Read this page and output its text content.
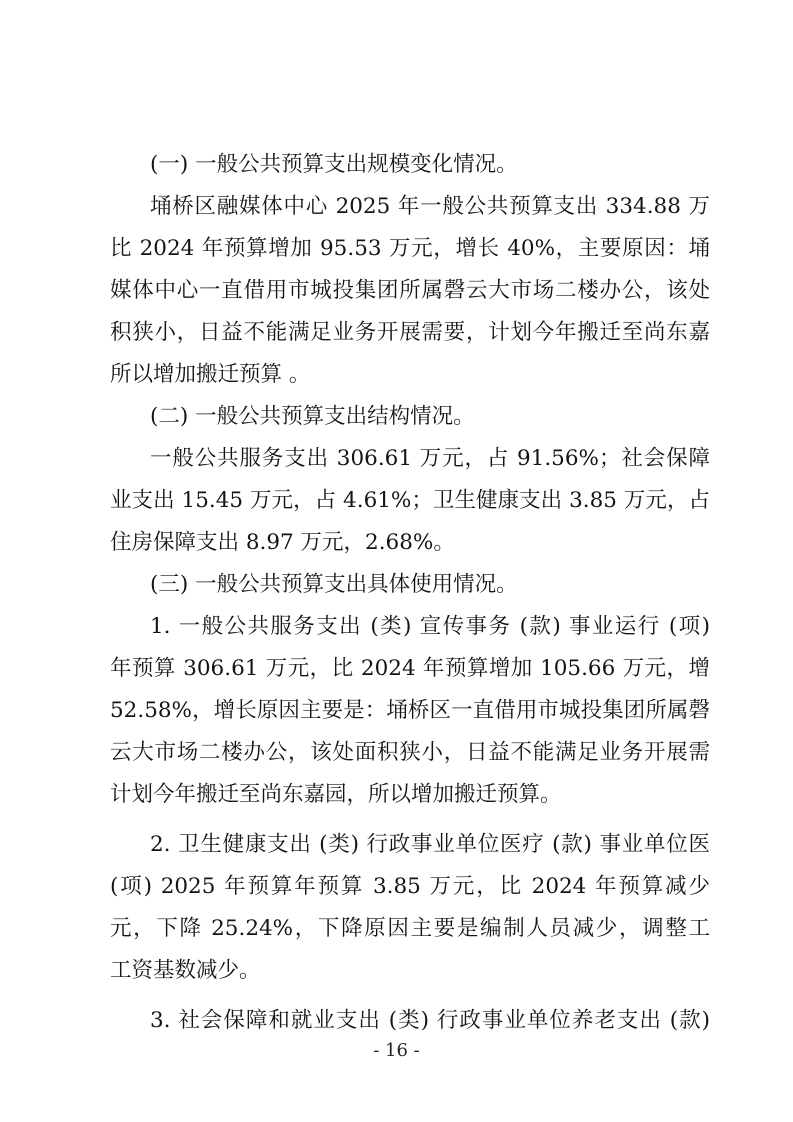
(一) 一般公共预算支出规模变化情况。
埇桥区融媒体中心 2025 年一般公共预算支出 334.88 万
比 2024 年预算增加 95.53 万元，增长 40%，主要原因：埇
媒体中心一直借用市城投集团所属磬云大市场二楼办公，该处
积狭小，日益不能满足业务开展需要，计划今年搬迁至尚东嘉
所以增加搬迁预算 。
(二) 一般公共预算支出结构情况。
一般公共服务支出 306.61 万元，占 91.56%；社会保障
业支出 15.45 万元，占 4.61%；卫生健康支出 3.85 万元，占
住房保障支出 8.97 万元，2.68%。
(三) 一般公共预算支出具体使用情况。
1. 一般公共服务支出 (类) 宣传事务 (款) 事业运行 (项)
年预算 306.61 万元，比 2024 年预算增加 105.66 万元，增
52.58%，增长原因主要是：埇桥区一直借用市城投集团所属磬
云大市场二楼办公，该处面积狭小，日益不能满足业务开展需
计划今年搬迁至尚东嘉园，所以增加搬迁预算。
2. 卫生健康支出 (类) 行政事业单位医疗 (款) 事业单位医
(项) 2025 年预算年预算 3.85 万元，比 2024 年预算减少
元，下降 25.24%，下降原因主要是编制人员减少，调整工
工资基数减少。
3. 社会保障和就业支出 (类) 行政事业单位养老支出 (款)
- 16 -
